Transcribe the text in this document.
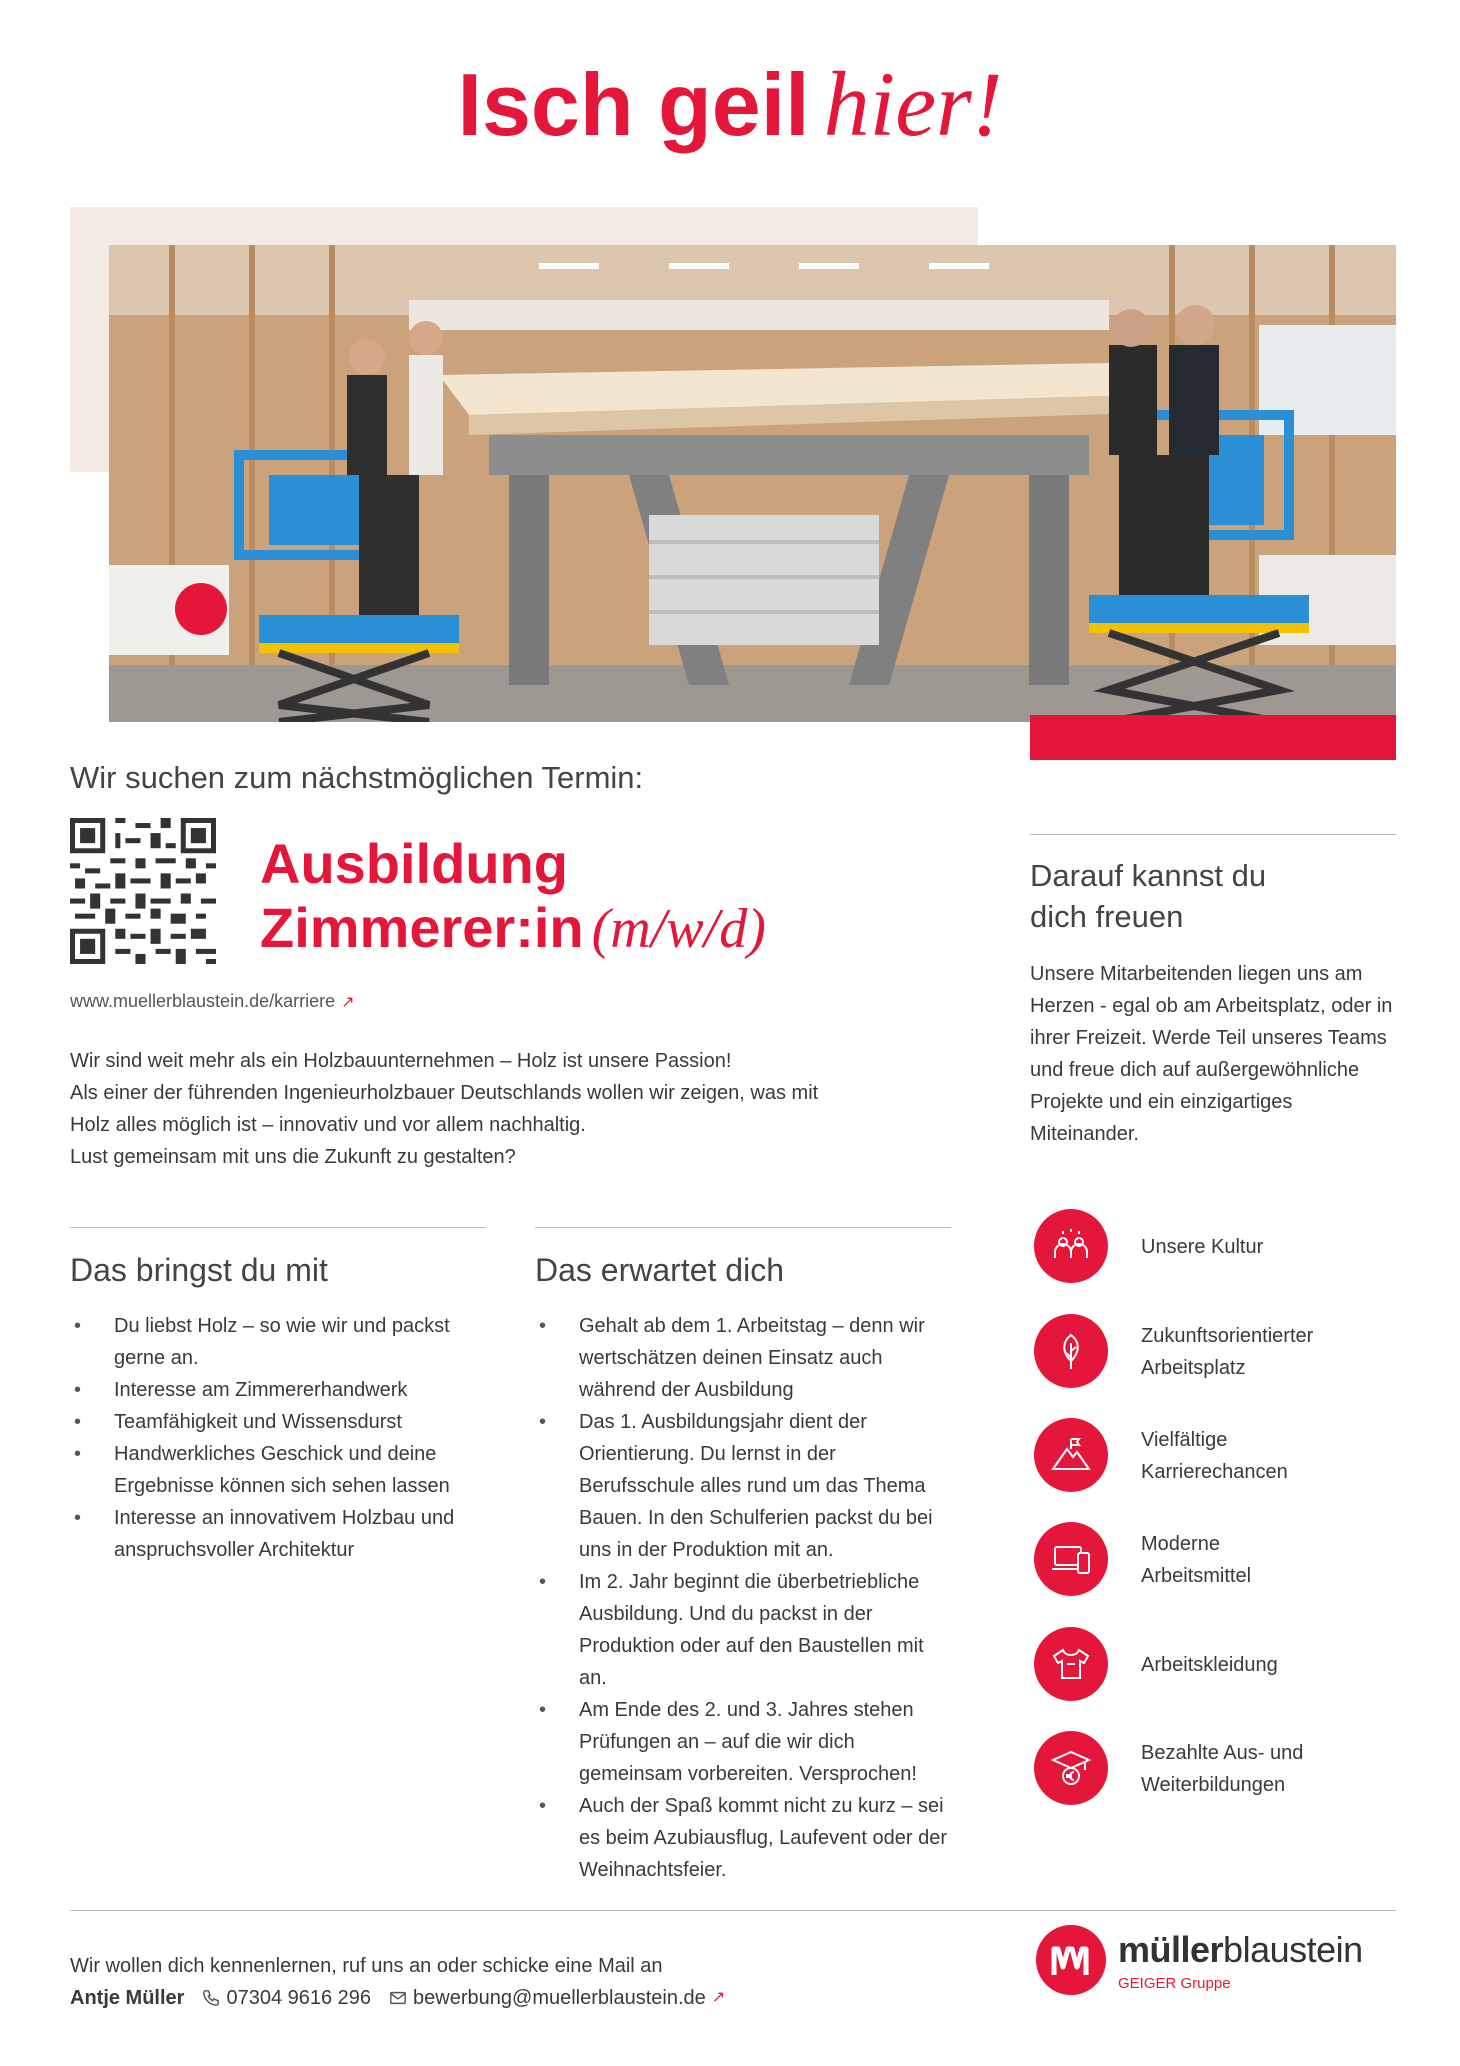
Isch geil hier!
Wir suchen zum nächstmöglichen Termin:
Ausbildung
Zimmerer:in (m/w/d)
www.muellerblaustein.de/karriere ↗

Wir sind weit mehr als ein Holzbauunternehmen – Holz ist unsere Passion!

Als einer der führenden Ingenieurholzbauer Deutschlands wollen wir zeigen, was mit

Holz alles möglich ist – innovativ und vor allem nachhaltig.

Lust gemeinsam mit uns die Zukunft zu gestalten?

Das bringst du mit
• Du liebst Holz – so wie wir und packst gerne an.
• Interesse am Zimmererhandwerk
• Teamfähigkeit und Wissensdurst
• Handwerkliches Geschick und deine Ergebnisse können sich sehen lassen
• Interesse an innovativem Holzbau und anspruchsvoller Architektur
Das erwartet dich
• Gehalt ab dem 1. Arbeitstag – denn wir wertschätzen deinen Einsatz auch während der Ausbildung
• Das 1. Ausbildungsjahr dient der Orientierung. Du lernst in der Berufsschule alles rund um das Thema Bauen. In den Schulferien packst du bei uns in der Produktion mit an.
• Im 2. Jahr beginnt die überbetriebliche Ausbildung. Und du packst in der Produktion oder auf den Baustellen mit an.
• Am Ende des 2. und 3. Jahres stehen Prüfungen an – auf die wir dich gemeinsam vorbereiten. Versprochen!
• Auch der Spaß kommt nicht zu kurz – sei es beim Azubiausflug, Laufevent oder der Weihnachtsfeier.
Darauf kannst du
dich freuen
Unsere Mitarbeitenden liegen uns am Herzen - egal ob am Arbeitsplatz, oder in ihrer Freizeit. Werde Teil unseres Teams und freue dich auf außergewöhnliche Projekte und ein einzigartiges Miteinander.
Unsere Kultur
Zukunftsorientierter
Arbeitsplatz
Vielfältige
Karrierechancen
Moderne
Arbeitsmittel
Arbeitskleidung
Bezahlte Aus- und
Weiterbildungen
Wir wollen dich kennenlernen, ruf uns an oder schicke eine Mail an
Antje Müller 07304 9616 296 bewerbung@muellerblaustein.de ↗
müllerblaustein
GEIGER Gruppe
